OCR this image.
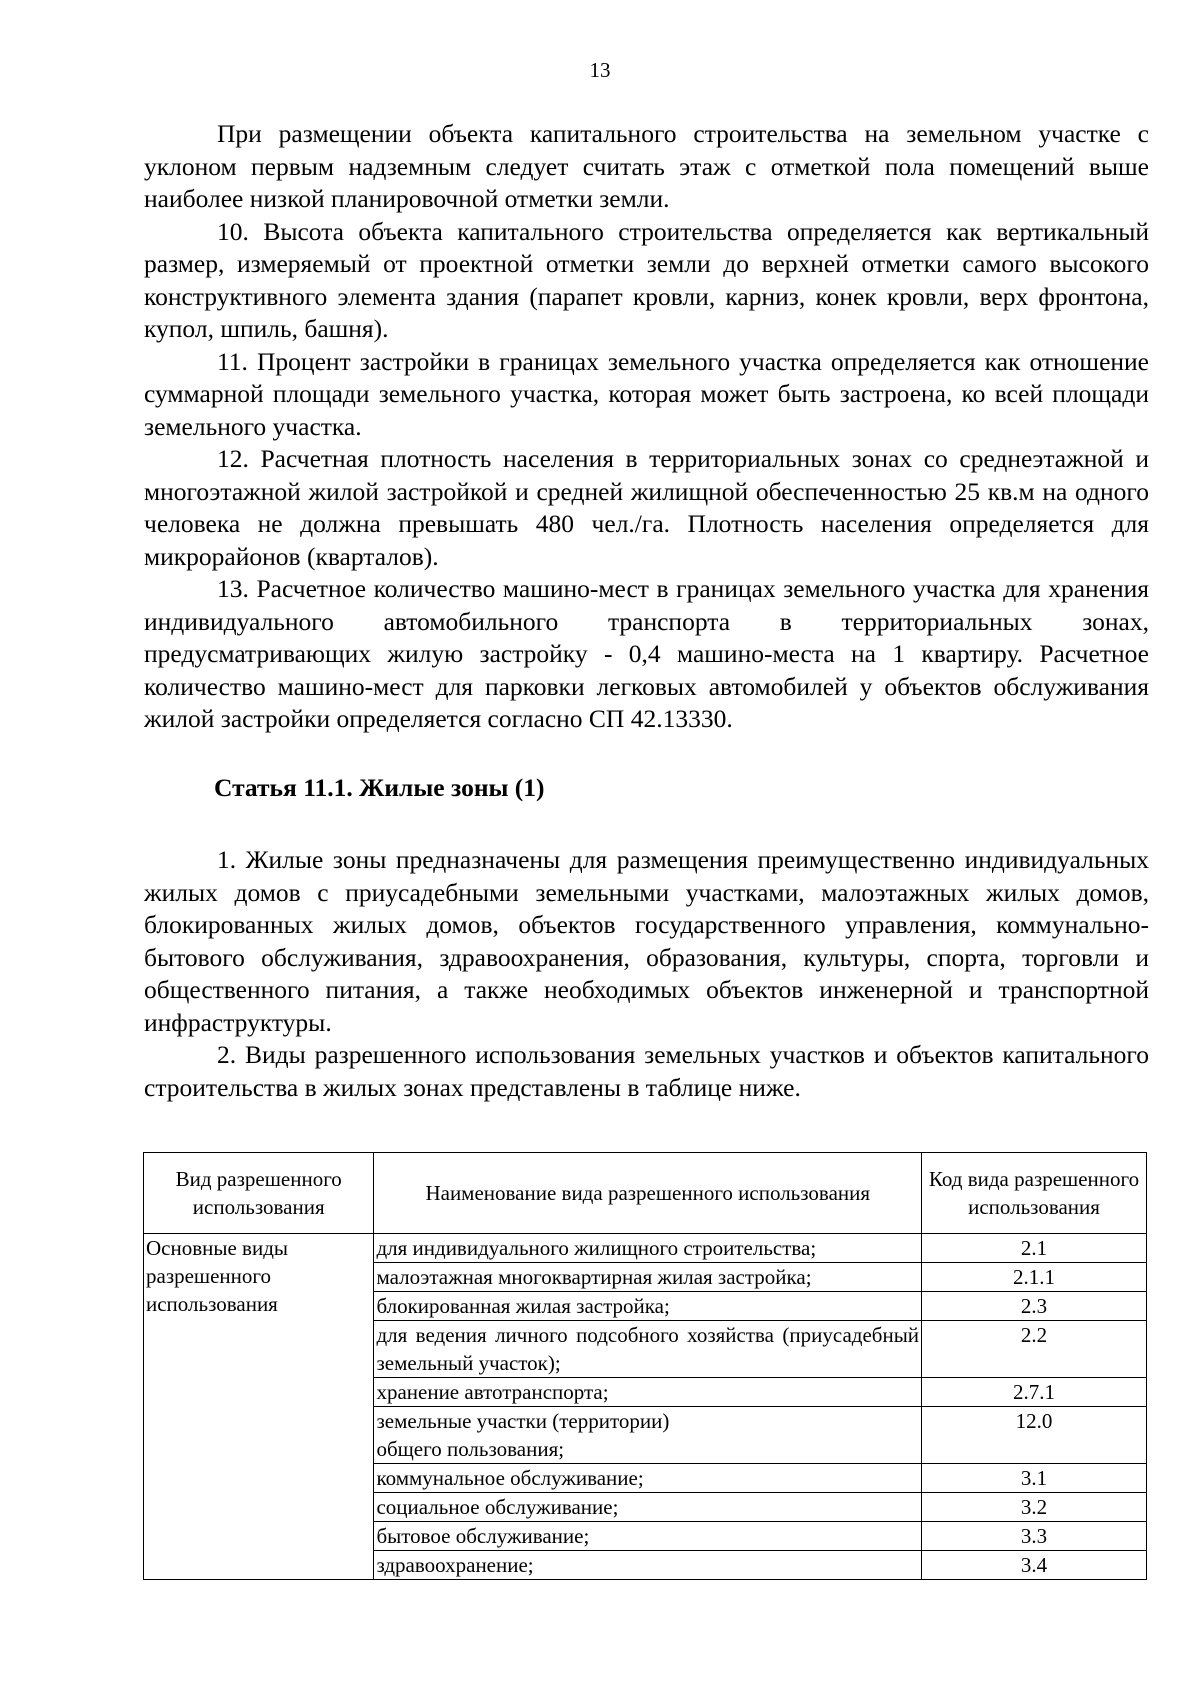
13

При размещении объекта капитального строительства на земельном участке с уклоном первым надземным следует считать этаж с отметкой пола помещений выше наиболее низкой планировочной отметки земли.

10. Высота объекта капитального строительства определяется как вертикальный размер, измеряемый от проектной отметки земли до верхней отметки самого высокого конструктивного элемента здания (парапет кровли, карниз, конек кровли, верх фронтона, купол, шпиль, башня).

11. Процент застройки в границах земельного участка определяется как отношение суммарной площади земельного участка, которая может быть застроена, ко всей площади земельного участка.

12. Расчетная плотность населения в территориальных зонах со среднеэтажной и многоэтажной жилой застройкой и средней жилищной обеспеченностью 25 кв.м на одного человека не должна превышать 480 чел./га. Плотность населения определяется для микрорайонов (кварталов).

13. Расчетное количество машино-мест в границах земельного участка для хранения индивидуального автомобильного транспорта в территориальных зонах, предусматривающих жилую застройку - 0,4 машино-места на 1 квартиру. Расчетное количество машино-мест для парковки легковых автомобилей у объектов обслуживания жилой застройки определяется согласно СП 42.13330.

Статья 11.1. Жилые зоны (1)

1. Жилые зоны предназначены для размещения преимущественно индивидуальных жилых домов с приусадебными земельными участками, малоэтажных жилых домов, блокированных жилых домов, объектов государственного управления, коммунально-бытового обслуживания, здравоохранения, образования, культуры, спорта, торговли и общественного питания, а также необходимых объектов инженерной и транспортной инфраструктуры.

2. Виды разрешенного использования земельных участков и объектов капитального строительства в жилых зонах представлены в таблице ниже.

Вид разрешенного использования	Наименование вида разрешенного использования	Код вида разрешенного использования
Основные виды разрешенного использования	для индивидуального жилищного строительства;	2.1
	малоэтажная многоквартирная жилая застройка;	2.1.1
	блокированная жилая застройка;	2.3
	для ведения личного подсобного хозяйства (приусадебный земельный участок);	2.2
	хранение автотранспорта;	2.7.1
	земельные участки (территории) общего пользования;	12.0
	коммунальное обслуживание;	3.1
	социальное обслуживание;	3.2
	бытовое обслуживание;	3.3
	здравоохранение;	3.4
